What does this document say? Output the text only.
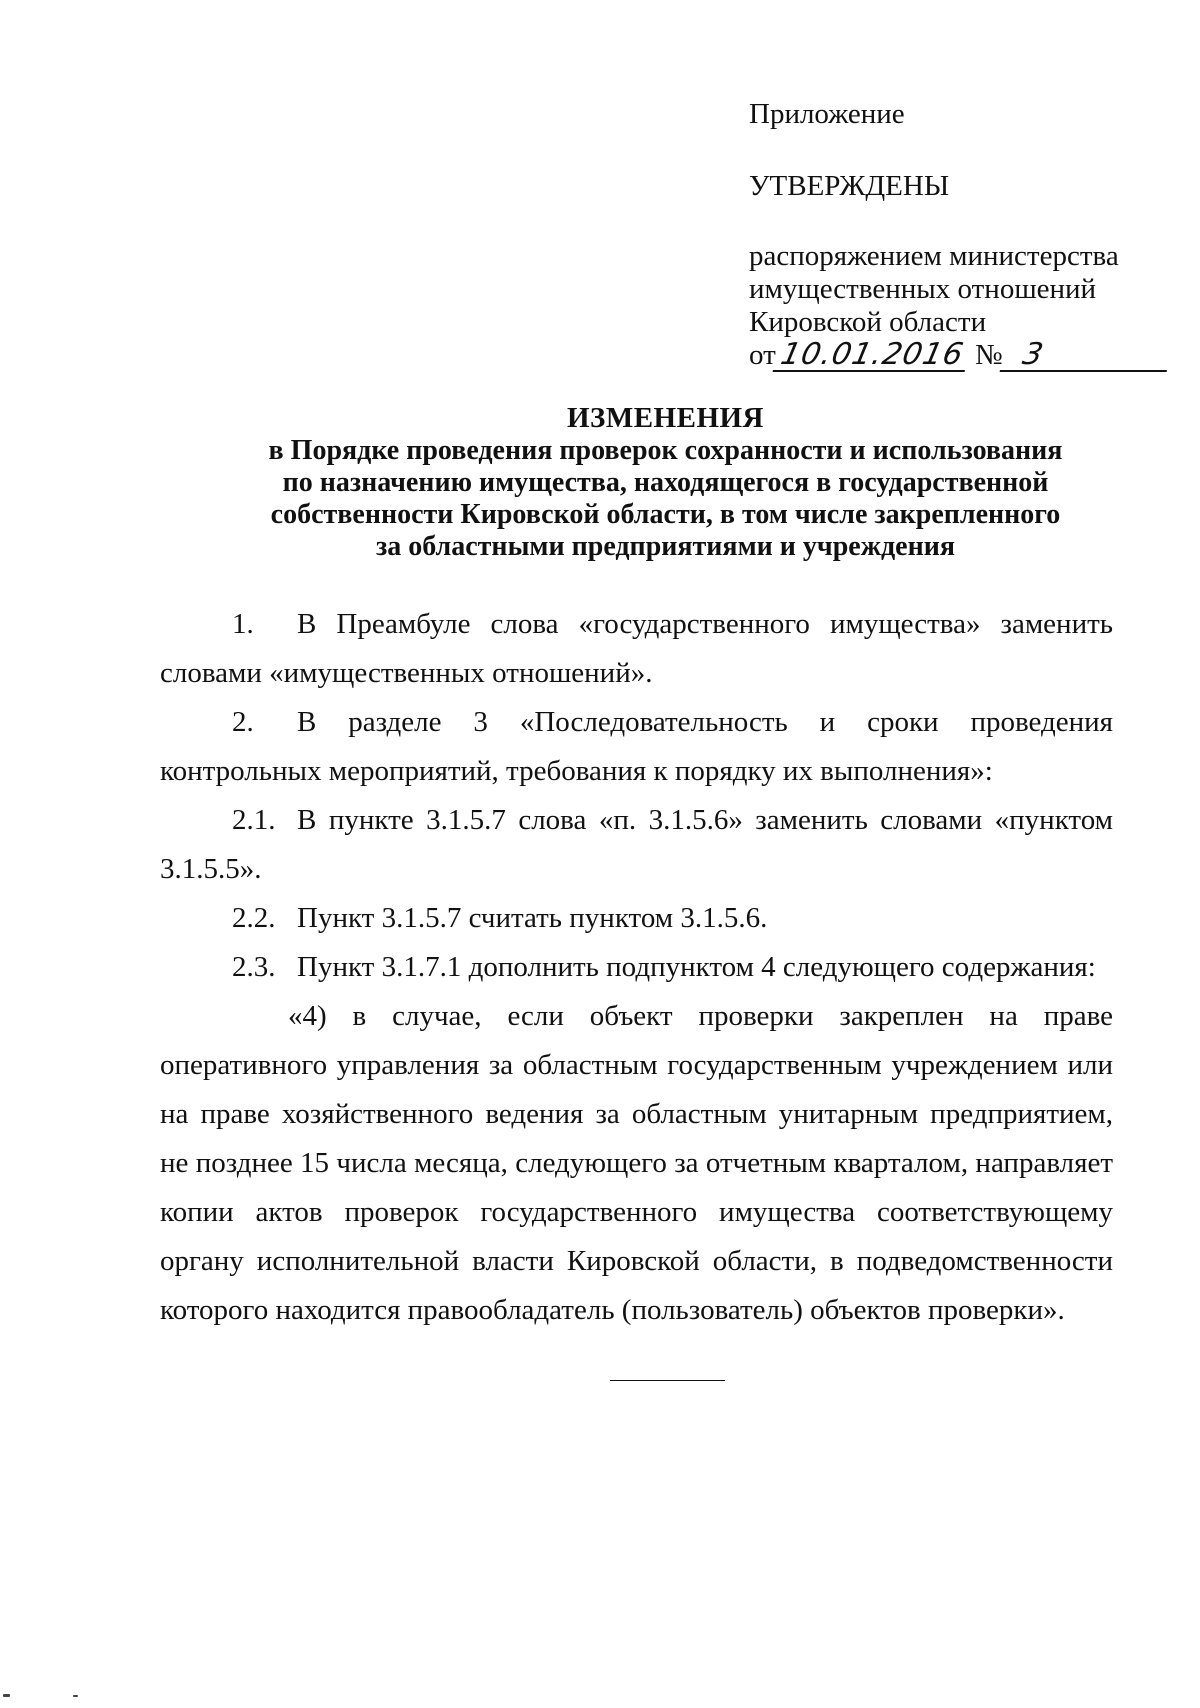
Приложение
УТВЕРЖДЕНЫ
распоряжением министерства
имущественных отношений
Кировской области
от10.01.2016 № 3
ИЗМЕНЕНИЯ
в Порядке проведения проверок сохранности и использования
по назначению имущества, находящегося в государственной
собственности Кировской области, в том числе закрепленного
за областными предприятиями и учреждения

1. В Преамбуле слова «государственного имущества» заменить словами «имущественных отношений».

2. В разделе 3 «Последовательность и сроки проведения контрольных мероприятий, требования к порядку их выполнения»:

2.1. В пункте 3.1.5.7 слова «п. 3.1.5.6» заменить словами «пунктом 3.1.5.5».

2.2. Пункт 3.1.5.7 считать пунктом 3.1.5.6.

2.3. Пункт 3.1.7.1 дополнить подпунктом 4 следующего содержания:

«4) в случае, если объект проверки закреплен на праве оперативного управления за областным государственным учреждением или на праве хозяйственного ведения за областным унитарным предприятием, не позднее 15 числа месяца, следующего за отчетным кварталом, направляет копии актов проверок государственного имущества соответствующему органу исполнительной власти Кировской области, в подведомственности которого находится правообладатель (пользователь) объектов проверки».
